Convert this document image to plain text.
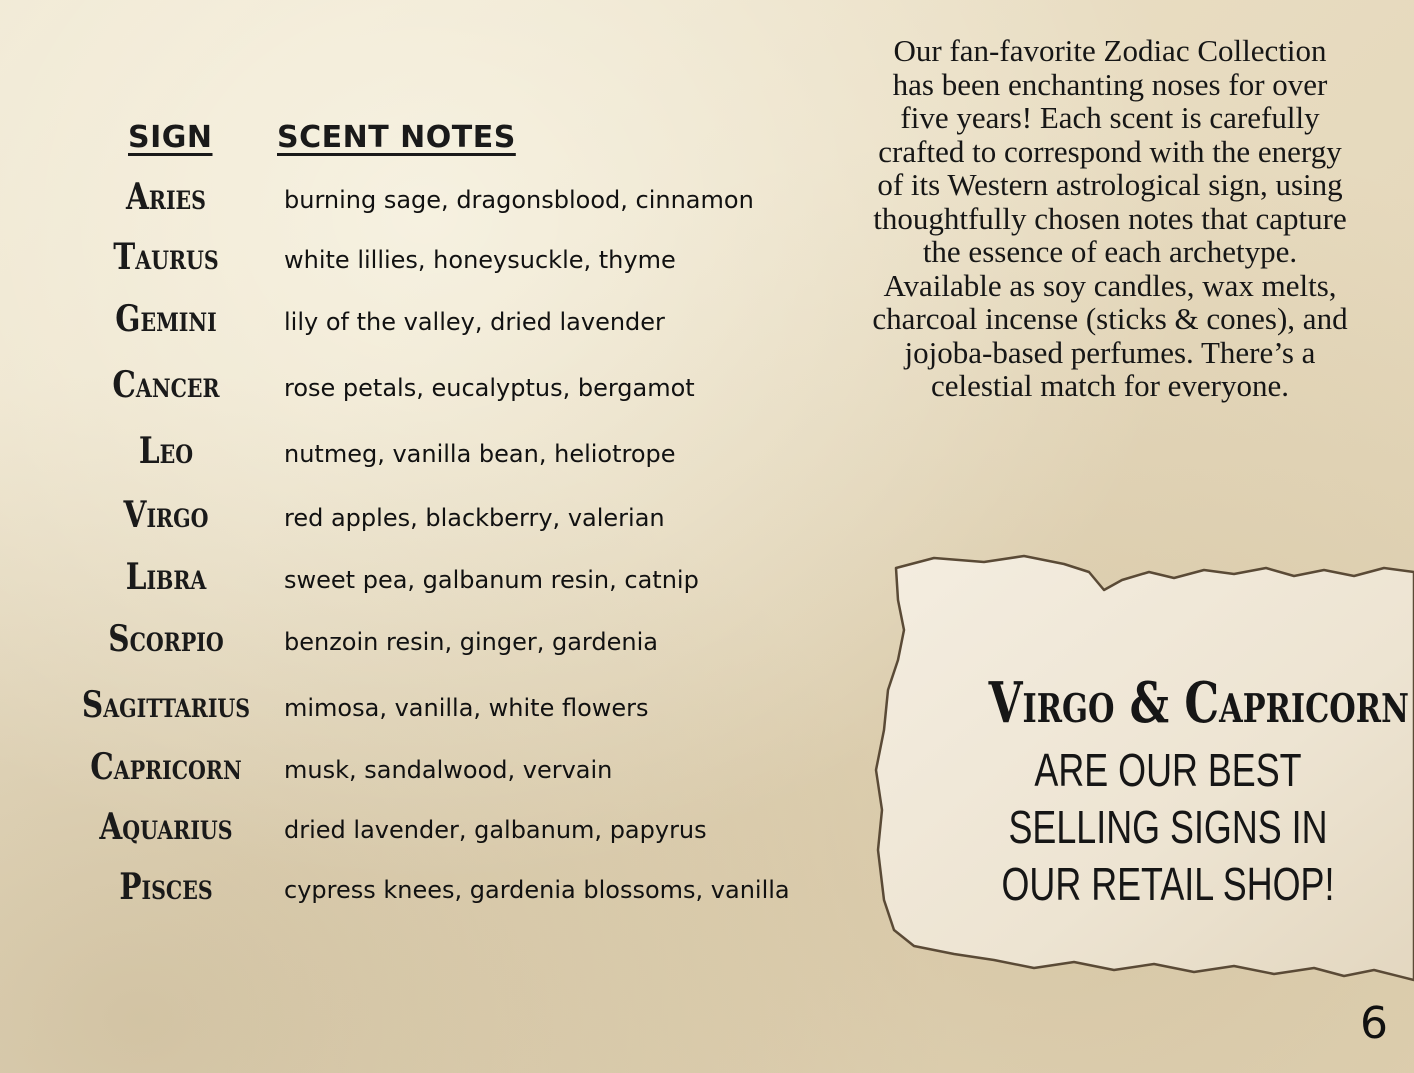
SIGN SCENT NOTES
Aries	burning sage, dragonsblood, cinnamon
Taurus	white lillies, honeysuckle, thyme
Gemini	lily of the valley, dried lavender
Cancer	rose petals, eucalyptus, bergamot
Leo	nutmeg, vanilla bean, heliotrope
Virgo	red apples, blackberry, valerian
Libra	sweet pea, galbanum resin, catnip
Scorpio	benzoin resin, ginger, gardenia
Sagittarius mimosa, vanilla, white flowers
Capricorn	musk, sandalwood, vervain
Aquarius	dried lavender, galbanum, papyrus
Pisces	cypress knees, gardenia blossoms, vanilla
Our fan-favorite Zodiac Collection has been enchanting noses for over five years! Each scent is carefully crafted to correspond with the energy of its Western astrological sign, using thoughtfully chosen notes that capture the essence of each archetype. Available as soy candles, wax melts, charcoal incense (sticks & cones), and jojoba-based perfumes. There’s a celestial match for everyone.
Virgo & Capricorn
ARE OUR BEST SELLING SIGNS IN OUR RETAIL SHOP!
6
